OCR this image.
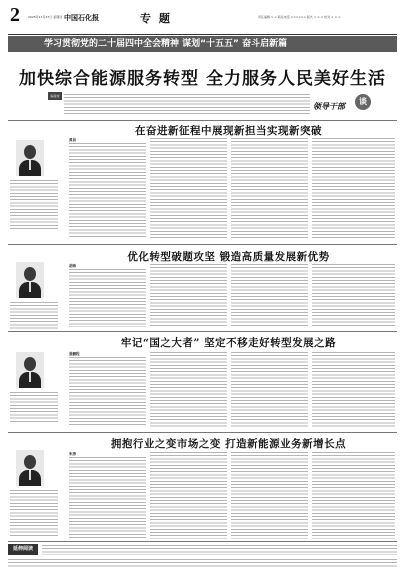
2	2025年11月27日 星期四 中国石化报	专 题	责任编辑 × × 联系电话 ×××××× 版式 × × × 校对 × × ×
学习贯彻党的二十届四中全会精神 谋划“十五五” 奋斗启新篇
加快综合能源服务转型 全力服务人民美好生活
编者按
领导干部
谈
在奋进新征程中展现新担当实现新突破
黄昌
优化转型破题攻坚 锻造高质量发展新优势
胡海
牢记“国之大者” 坚定不移走好转型发展之路
聂鹏程
拥抱行业之变市场之变 打造新能源业务新增长点
朱涛
延伸阅读
